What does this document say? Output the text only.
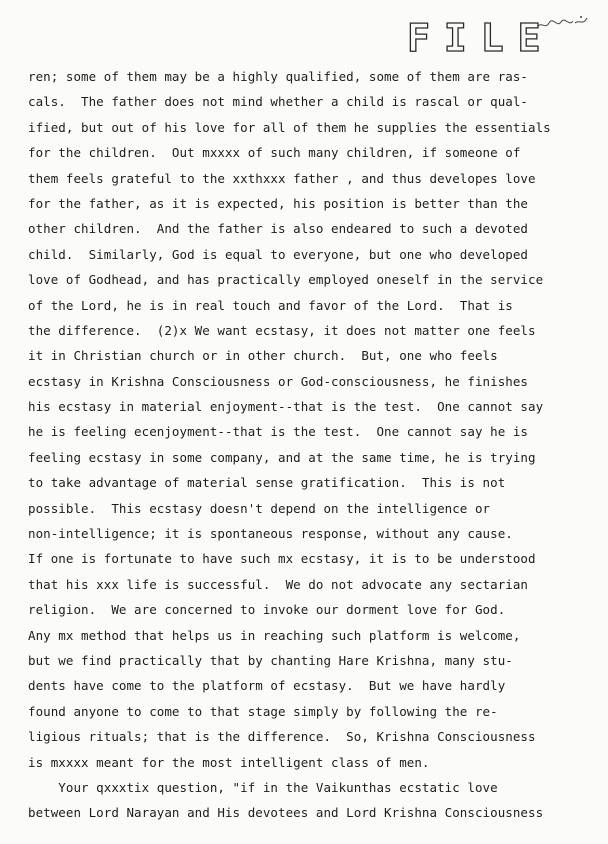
FILE
ren; some of them may be a highly qualified, some of them are ras-
cals.  The father does not mind whether a child is rascal or qual-
ified, but out of his love for all of them he supplies the essentials
for the children.  Out mxxxx of such many children, if someone of
them feels grateful to the xxthxxx father , and thus developes love
for the father, as it is expected, his position is better than the
other children.  And the father is also endeared to such a devoted
child.  Similarly, God is equal to everyone, but one who developed
love of Godhead, and has practically employed oneself in the service
of the Lord, he is in real touch and favor of the Lord.  That is
the difference.  (2)x We want ecstasy, it does not matter one feels
it in Christian church or in other church.  But, one who feels
ecstasy in Krishna Consciousness or God-consciousness, he finishes
his ecstasy in material enjoyment--that is the test.  One cannot say
he is feeling ecenjoyment--that is the test.  One cannot say he is
feeling ecstasy in some company, and at the same time, he is trying
to take advantage of material sense gratification.  This is not
possible.  This ecstasy doesn't depend on the intelligence or
non-intelligence; it is spontaneous response, without any cause.
If one is fortunate to have such mx ecstasy, it is to be understood
that his xxx life is successful.  We do not advocate any sectarian
religion.  We are concerned to invoke our dorment love for God.
Any mx method that helps us in reaching such platform is welcome,
but we find practically that by chanting Hare Krishna, many stu-
dents have come to the platform of ecstasy.  But we have hardly
found anyone to come to that stage simply by following the re-
ligious rituals; that is the difference.  So, Krishna Consciousness
is mxxxx meant for the most intelligent class of men.
Your qxxxtix question, "if in the Vaikunthas ecstatic love
between Lord Narayan and His devotees and Lord Krishna Consciousness
